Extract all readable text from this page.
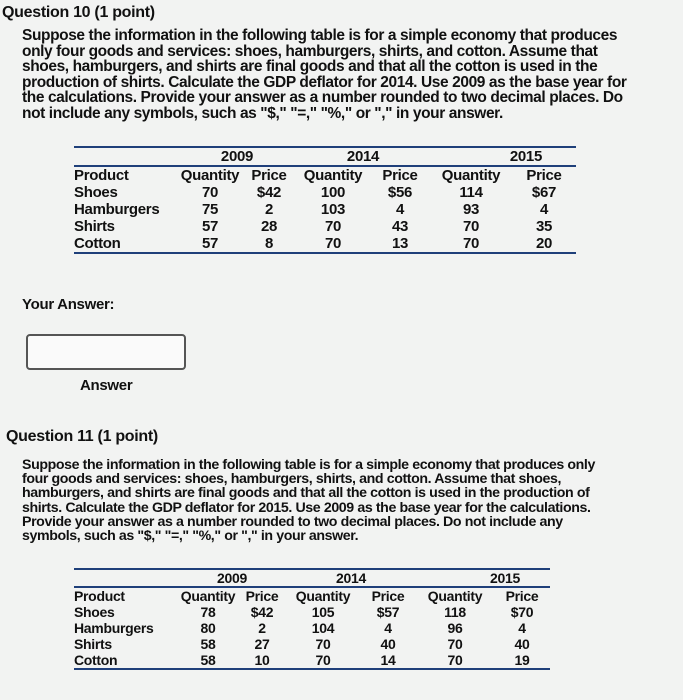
Question 10 (1 point)
Suppose the information in the following table is for a simple economy that produces only four goods and services: shoes, hamburgers, shirts, and cotton. Assume that shoes, hamburgers, and shirts are final goods and that all the cotton is used in the production of shirts. Calculate the GDP deflator for 2014. Use 2009 as the base year for the calculations. Provide your answer as a number rounded to two decimal places. Do not include any symbols, such as "$," "=," "%," or "," in your answer.
	2009		2014		2015	
Product	Quantity	Price	Quantity	Price	Quantity	Price
Shoes	70	$42	100	$56	114	$67
Hamburgers	75	2	103	4	93	4
Shirts	57	28	70	43	70	35
Cotton	57	8	70	13	70	20
Your Answer:
Answer
Question 11 (1 point)
Suppose the information in the following table is for a simple economy that produces only four goods and services: shoes, hamburgers, shirts, and cotton. Assume that shoes, hamburgers, and shirts are final goods and that all the cotton is used in the production of shirts. Calculate the GDP deflator for 2015. Use 2009 as the base year for the calculations. Provide your answer as a number rounded to two decimal places. Do not include any symbols, such as "$," "=," "%," or "," in your answer.
	2009		2014		2015	
Product	Quantity	Price	Quantity	Price	Quantity	Price
Shoes	78	$42	105	$57	118	$70
Hamburgers	80	2	104	4	96	4
Shirts	58	27	70	40	70	40
Cotton	58	10	70	14	70	19
